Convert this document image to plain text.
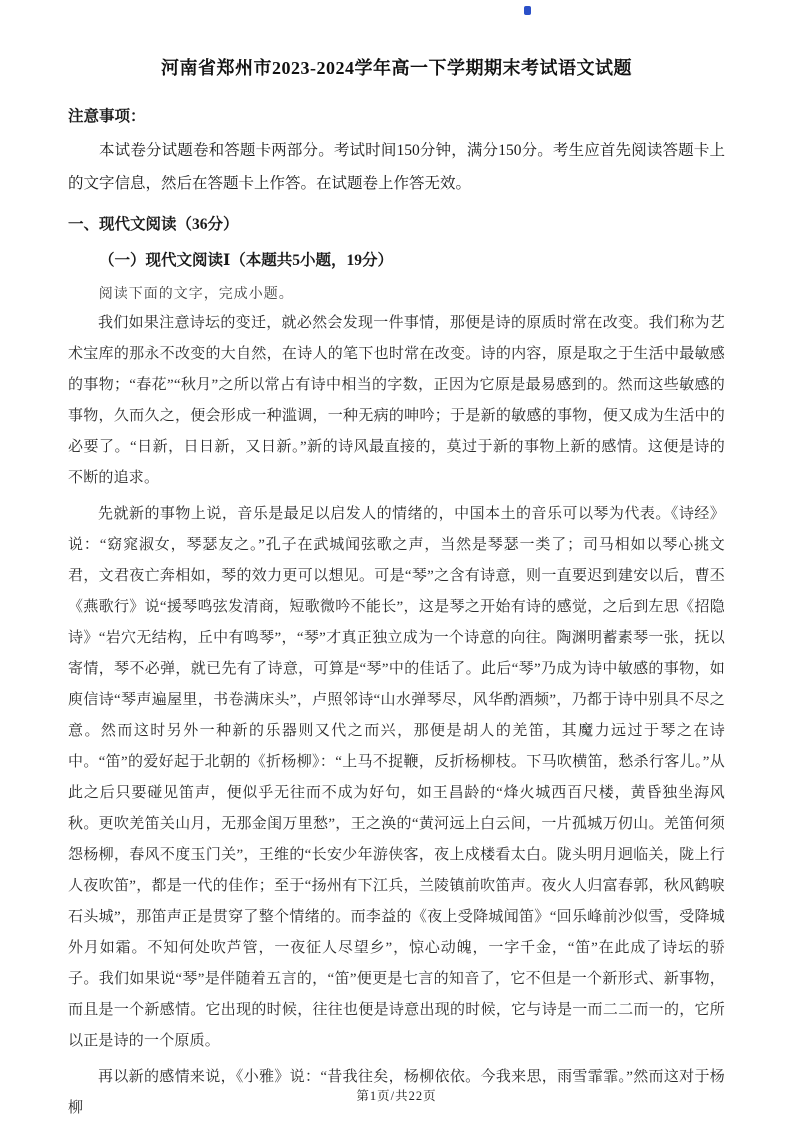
河南省郑州市2023-2024学年高一下学期期末考试语文试题
注意事项：

本试卷分试题卷和答题卡两部分。考试时间150分钟，满分150分。考生应首先阅读答题卡上的文字信息，然后在答题卡上作答。在试题卷上作答无效。

一、现代文阅读（36分）
（一）现代文阅读Ⅰ（本题共5小题，19分）

阅读下面的文字，完成小题。

我们如果注意诗坛的变迁，就必然会发现一件事情，那便是诗的原质时常在改变。我们称为艺术宝库的那永不改变的大自然，在诗人的笔下也时常在改变。诗的内容，原是取之于生活中最敏感的事物；“春花”“秋月”之所以常占有诗中相当的字数，正因为它原是最易感到的。然而这些敏感的事物，久而久之，便会形成一种滥调，一种无病的呻吟；于是新的敏感的事物，便又成为生活中的必要了。“日新，日日新，又日新。”新的诗风最直接的，莫过于新的事物上新的感情。这便是诗的不断的追求。

先就新的事物上说，音乐是最足以启发人的情绪的，中国本土的音乐可以琴为代表。《诗经》说：“窈窕淑女，琴瑟友之。”孔子在武城闻弦歌之声，当然是琴瑟一类了；司马相如以琴心挑文君，文君夜亡奔相如，琴的效力更可以想见。可是“琴”之含有诗意，则一直要迟到建安以后，曹丕《燕歌行》说“援琴鸣弦发清商，短歌微吟不能长”，这是琴之开始有诗的感觉，之后到左思《招隐诗》“岩穴无结构，丘中有鸣琴”，“琴”才真正独立成为一个诗意的向往。陶渊明蓄素琴一张，抚以寄情，琴不必弹，就已先有了诗意，可算是“琴”中的佳话了。此后“琴”乃成为诗中敏感的事物，如庾信诗“琴声遍屋里，书卷满床头”，卢照邻诗“山水弹琴尽，风华酌酒频”，乃都于诗中别具不尽之意。然而这时另外一种新的乐器则又代之而兴，那便是胡人的羌笛，其魔力远过于琴之在诗中。“笛”的爱好起于北朝的《折杨柳》：“上马不捉鞭，反折杨柳枝。下马吹横笛，愁杀行客儿。”从此之后只要碰见笛声，便似乎无往而不成为好句，如王昌龄的“烽火城西百尺楼，黄昏独坐海风秋。更吹羌笛关山月，无那金闺万里愁”，王之涣的“黄河远上白云间，一片孤城万仞山。羌笛何须怨杨柳，春风不度玉门关”，王维的“长安少年游侠客，夜上戍楼看太白。陇头明月迥临关，陇上行人夜吹笛”，都是一代的佳作；至于“扬州有下江兵，兰陵镇前吹笛声。夜火人归富春郭，秋风鹤唳石头城”，那笛声正是贯穿了整个情绪的。而李益的《夜上受降城闻笛》“回乐峰前沙似雪，受降城外月如霜。不知何处吹芦管，一夜征人尽望乡”，惊心动魄，一字千金，“笛”在此成了诗坛的骄子。我们如果说“琴”是伴随着五言的，“笛”便更是七言的知音了，它不但是一个新形式、新事物，而且是一个新感情。它出现的时候，往往也便是诗意出现的时候，它与诗是一而二二而一的，它所以正是诗的一个原质。

再以新的感情来说，《小雅》说：“昔我往矣，杨柳依依。今我来思，雨雪霏霏。”然而这对于杨柳

第1页/共22页
